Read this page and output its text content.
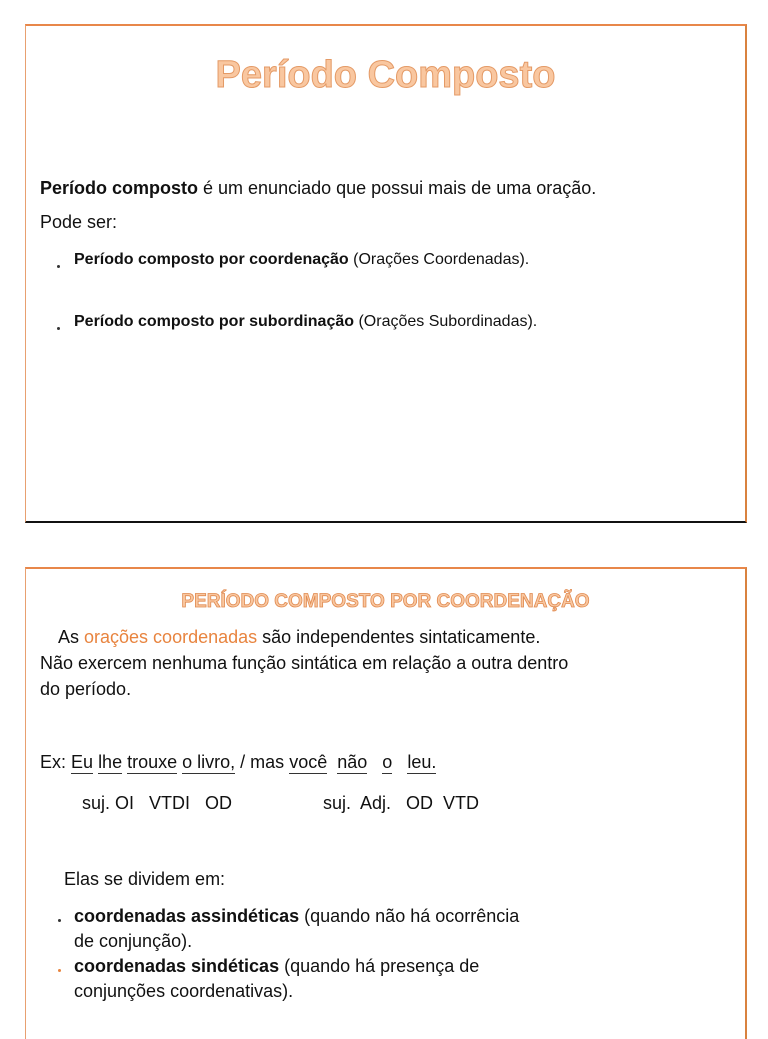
Período Composto
Período composto é um enunciado que possui mais de uma oração.
Pode ser:
Período composto por coordenação (Orações Coordenadas).
Período composto por subordinação (Orações Subordinadas).
PERÍODO COMPOSTO POR COORDENAÇÃO
As orações coordenadas são independentes sintaticamente.
Não exercem nenhuma função sintática em relação a outra dentro
do período.
Ex: Eu lhe trouxe o livro, / mas você não o leu.
suj. OI   VTDI   OD	suj.  Adj.   OD  VTD
Elas se dividem em:
coordenadas assindéticas (quando não há ocorrência
de conjunção).
coordenadas sindéticas (quando há presença de
conjunções coordenativas).
